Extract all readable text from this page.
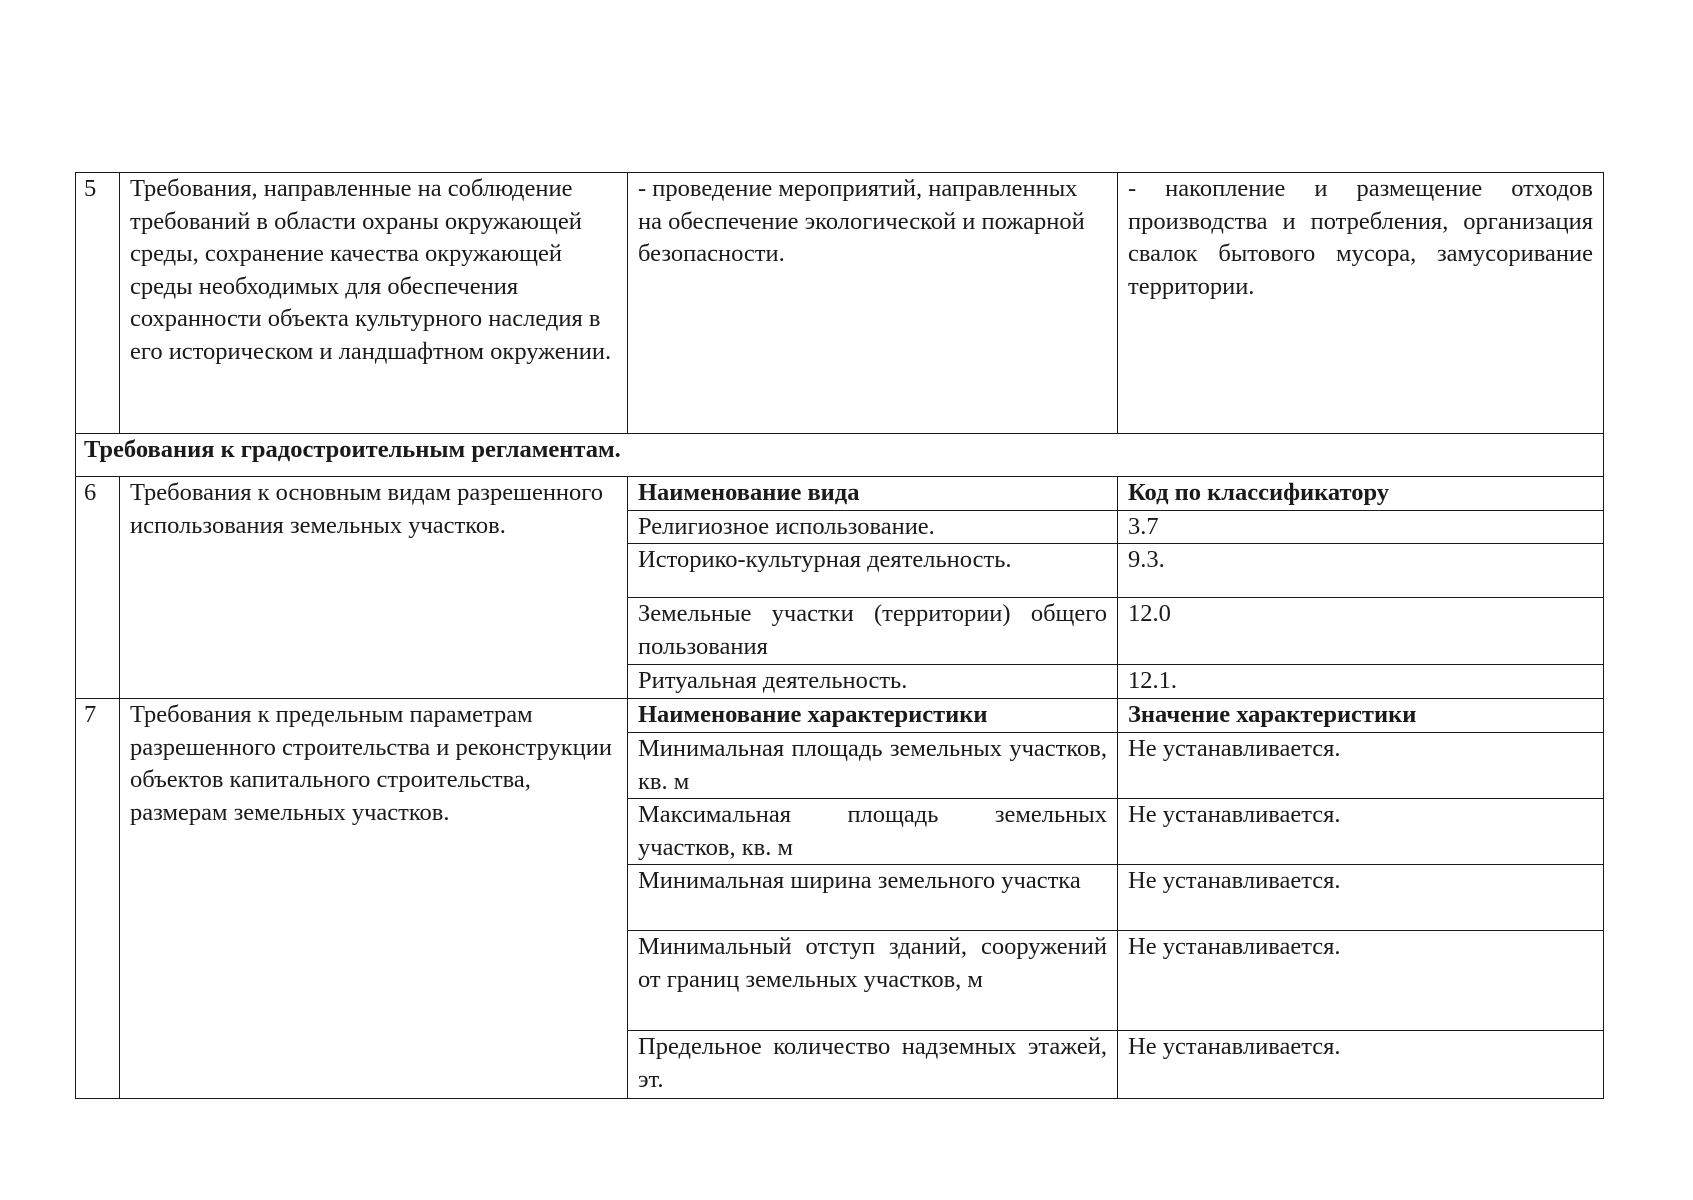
5	Требования, направленные на соблюдение требований в области охраны окружающей среды, сохранение качества окружающей среды необходимых для обеспечения сохранности объекта культурного наследия в его историческом и ландшафтном окружении.	- проведение мероприятий, направленных на обеспечение экологической и пожарной безопасности.	- накопление и размещение отходов производства и потребления, организация свалок бытового мусора, замусоривание территории.
Требования к градостроительным регламентам.			
6	Требования к основным видам разрешенного использования земельных участков.	Наименование вида	Код по классификатору
		Религиозное использование.	3.7
		Историко-культурная деятельность.	9.3.
		Земельные участки (территории) общего пользования	12.0
		Ритуальная деятельность.	12.1.
7	Требования к предельным параметрам разрешенного строительства и реконструкции объектов капитального строительства, размерам земельных участков.	Наименование характеристики	Значение характеристики
		Минимальная площадь земельных участков, кв. м	Не устанавливается.
		Максимальная площадь земельных участков, кв. м	Не устанавливается.
		Минимальная ширина земельного участка	Не устанавливается.
		Минимальный отступ зданий, сооружений от границ земельных участков, м	Не устанавливается.
		Предельное количество надземных этажей, эт.	Не устанавливается.
